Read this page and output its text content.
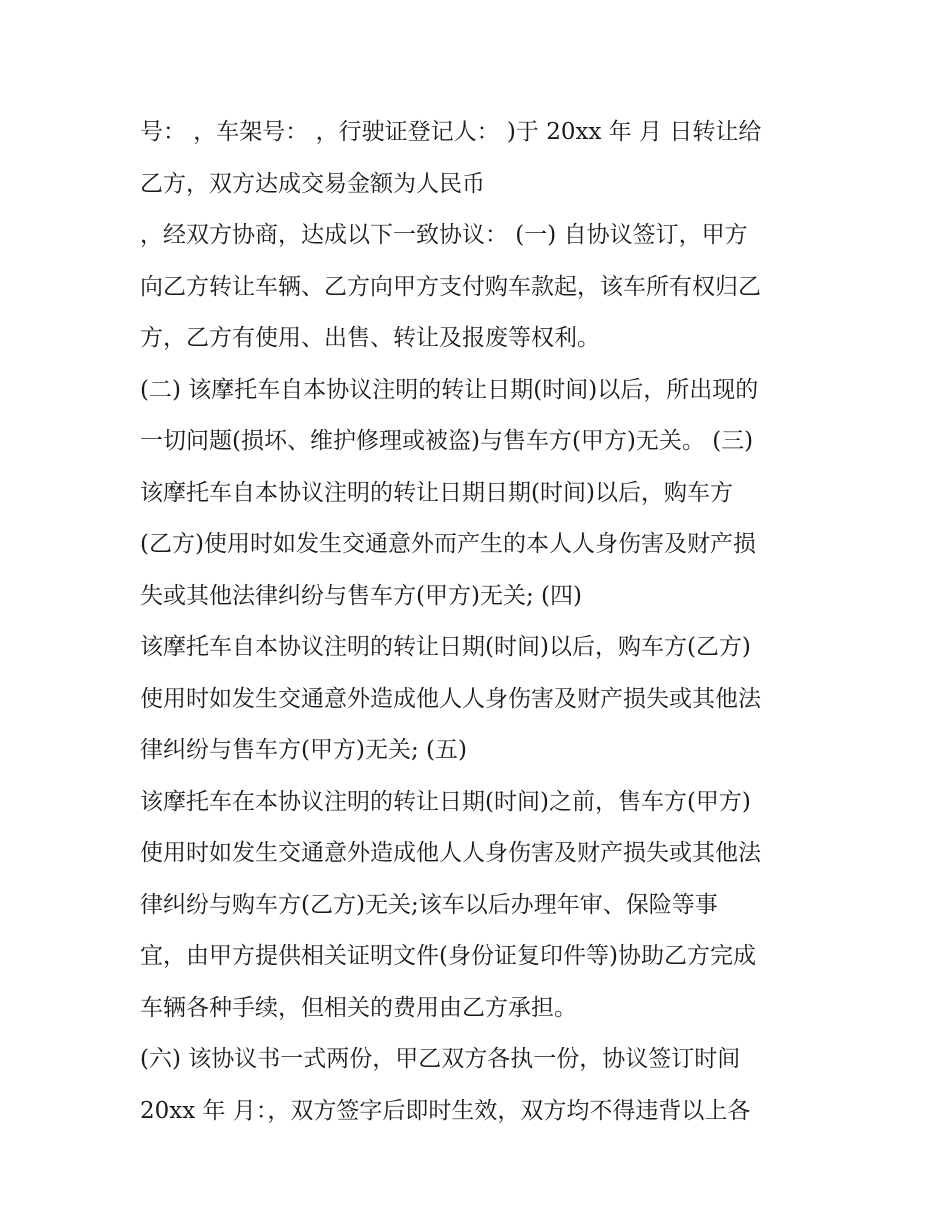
号： ，车架号： ，行驶证登记人： )于 20xx 年 月 日转让给
乙方，双方达成交易金额为人民币
，经双方协商，达成以下一致协议： (一) 自协议签订，甲方
向乙方转让车辆、乙方向甲方支付购车款起，该车所有权归乙
方，乙方有使用、出售、转让及报废等权利。
(二) 该摩托车自本协议注明的转让日期(时间)以后，所出现的
一切问题(损坏、维护修理或被盗)与售车方(甲方)无关。 (三)
该摩托车自本协议注明的转让日期日期(时间)以后，购车方
(乙方)使用时如发生交通意外而产生的本人人身伤害及财产损
失或其他法律纠纷与售车方(甲方)无关; (四)
该摩托车自本协议注明的转让日期(时间)以后，购车方(乙方)
使用时如发生交通意外造成他人人身伤害及财产损失或其他法
律纠纷与售车方(甲方)无关; (五)
该摩托车在本协议注明的转让日期(时间)之前，售车方(甲方)
使用时如发生交通意外造成他人人身伤害及财产损失或其他法
律纠纷与购车方(乙方)无关;该车以后办理年审、保险等事
宜，由甲方提供相关证明文件(身份证复印件等)协助乙方完成
车辆各种手续，但相关的费用由乙方承担。
(六) 该协议书一式两份，甲乙双方各执一份，协议签订时间
20xx 年 月：，双方签字后即时生效，双方均不得违背以上各
